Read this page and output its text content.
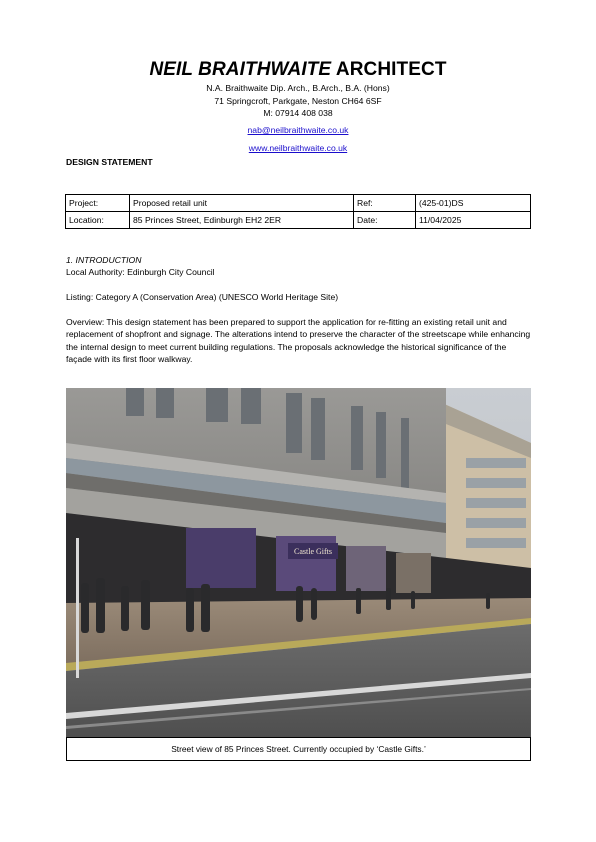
NEIL BRAITHWAITE ARCHITECT
N.A. Braithwaite Dip. Arch., B.Arch., B.A. (Hons)
71 Springcroft, Parkgate, Neston CH64 6SF
M: 07914 408 038
nab@neilbraithwaite.co.uk
www.neilbraithwaite.co.uk
DESIGN STATEMENT
Project:	Proposed retail unit	Ref:	(425-01)DS
Location:	85 Princes Street, Edinburgh EH2 2ER	Date:	11/04/2025
1. INTRODUCTION
Local Authority: Edinburgh City Council
Listing: Category A (Conservation Area) (UNESCO World Heritage Site)
Overview: This design statement has been prepared to support the application for re-fitting an existing retail unit and replacement of shopfront and signage. The alterations intend to preserve the character of the streetscape while enhancing the internal design to meet current building regulations. The proposals acknowledge the historical significance of the façade with its first floor walkway.
Castle Gifts
Street view of 85 Princes Street. Currently occupied by ‘Castle Gifts.’
